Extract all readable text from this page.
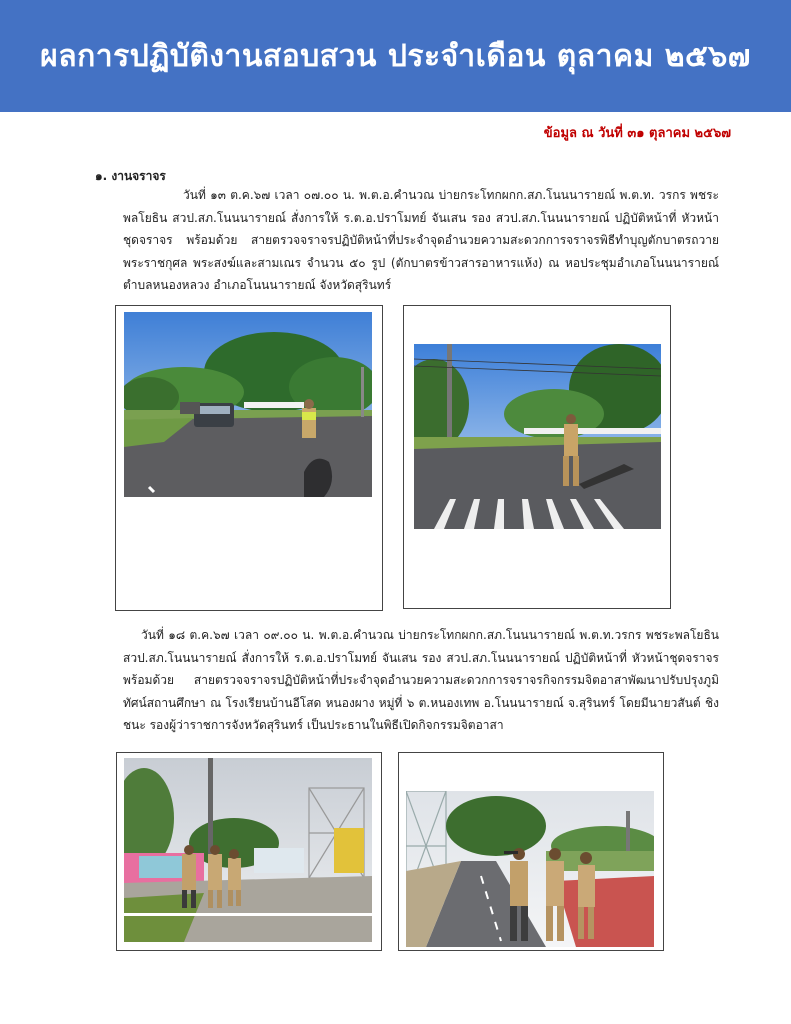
ผลการปฏิบัติงานสอบสวน ประจำเดือน ตุลาคม ๒๕๖๗
ข้อมูล ณ วันที่ ๓๑ ตุลาคม ๒๕๖๗
๑. งานจราจร

วันที่ ๑๓ ต.ค.๖๗ เวลา ๐๗.๐๐ น. พ.ต.อ.คำนวณ บ่ายกระโทกผกก.สภ.โนนนารายณ์ พ.ต.ท. วรกร พชระพลโยธิน สวป.สภ.โนนนารายณ์ สั่งการให้ ร.ต.อ.ปราโมทย์ จันเสน รอง สวป.สภ.โนนนารายณ์ ปฏิบัติหน้าที่ หัวหน้าชุดจราจร พร้อมด้วย สายตรวจจราจรปฏิบัติหน้าที่ประจำจุดอำนวยความสะดวกการจราจรพิธีทำบุญตักบาตรถวายพระราชกุศล พระสงฆ์และสามเณร จำนวน ๕๐ รูป (ตักบาตรข้าวสารอาหารแห้ง) ณ หอประชุมอำเภอโนนนารายณ์ ตำบลหนองหลวง อำเภอโนนนารายณ์ จังหวัดสุรินทร์

วันที่ ๑๘ ต.ค.๖๗ เวลา ๐๙.๐๐ น. พ.ต.อ.คำนวณ บ่ายกระโทกผกก.สภ.โนนนารายณ์ พ.ต.ท.วรกร พชระพลโยธิน สวป.สภ.โนนนารายณ์ สั่งการให้ ร.ต.อ.ปราโมทย์ จันเสน รอง สวป.สภ.โนนนารายณ์ ปฏิบัติหน้าที่ หัวหน้าชุดจราจร พร้อมด้วย สายตรวจจราจรปฏิบัติหน้าที่ประจำจุดอำนวยความสะดวกการจราจรกิจกรรมจิตอาสาพัฒนาปรับปรุงภูมิทัศน์สถานศึกษา ณ โรงเรียนบ้านอีโสด หนองผาง หมู่ที่ ๖ ต.หนองเทพ อ.โนนนารายณ์ จ.สุรินทร์ โดยมีนายวสันต์ ชิงชนะ รองผู้ว่าราชการจังหวัดสุรินทร์ เป็นประธานในพิธีเปิดกิจกรรมจิตอาสา
